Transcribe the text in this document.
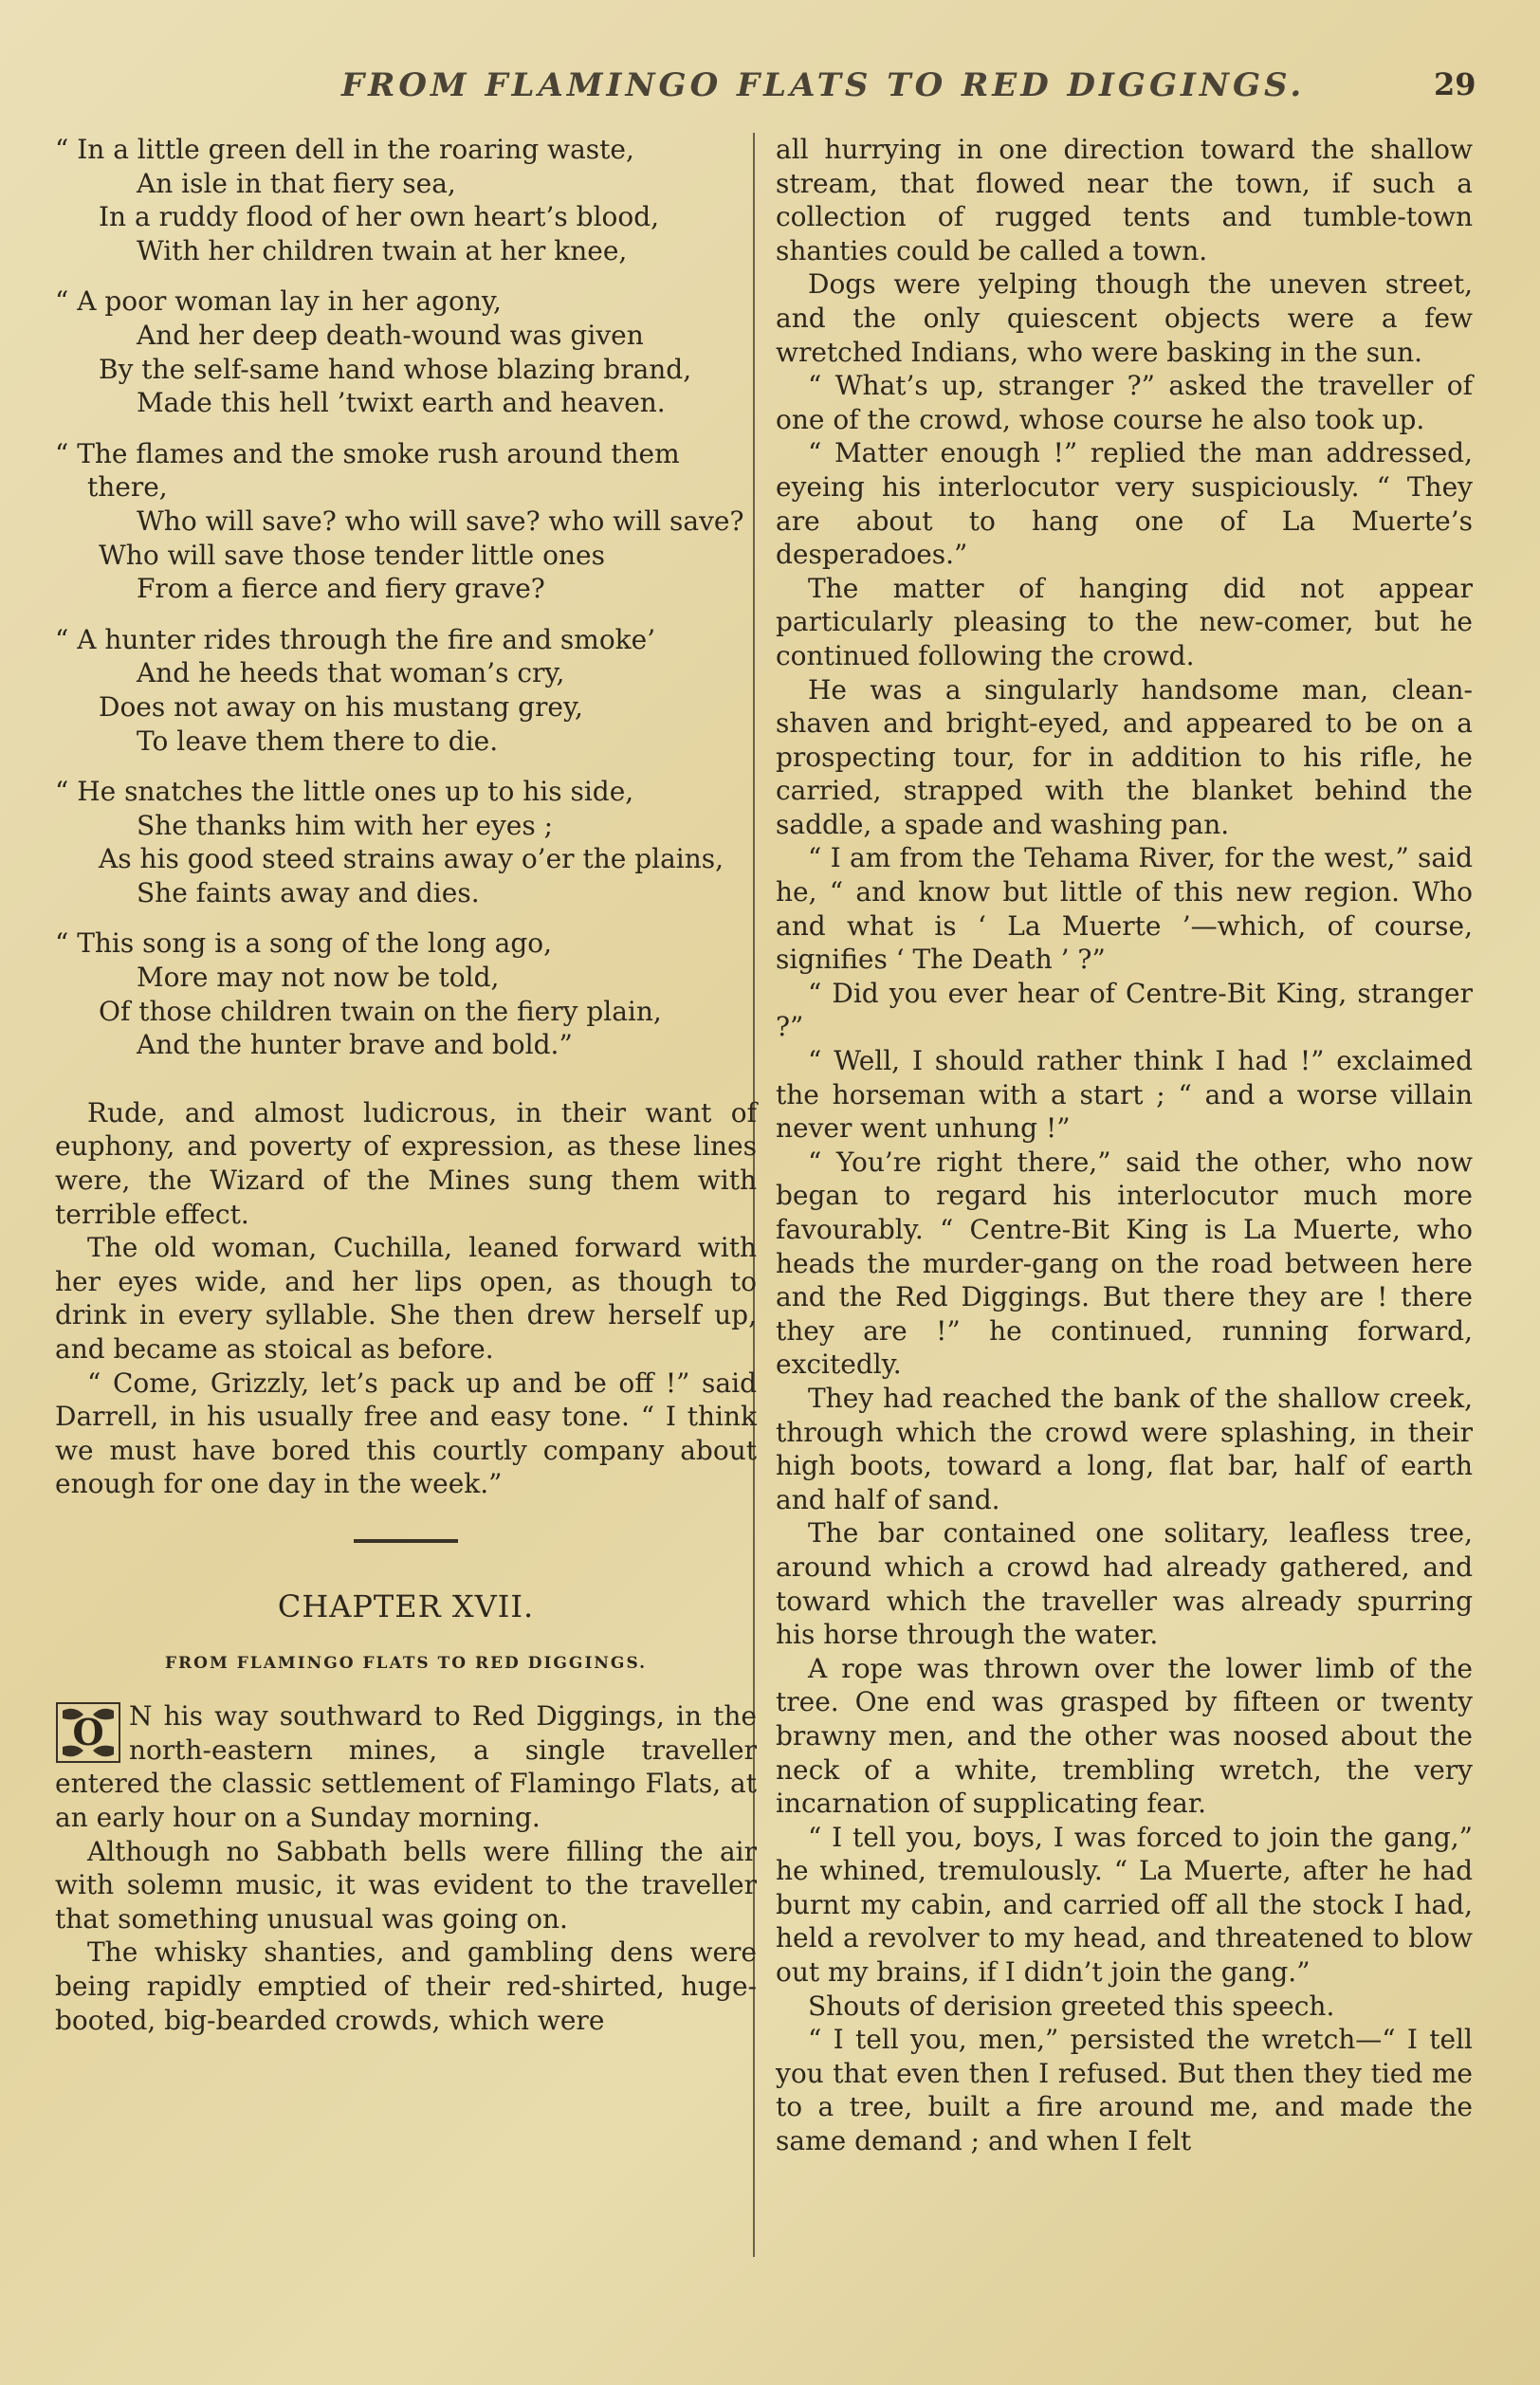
FROM FLAMINGO FLATS TO RED DIGGINGS.	29
“ In a little green dell in the roaring waste,
An isle in that fiery sea,
In a ruddy flood of her own heart’s blood,
With her children twain at her knee,
“ A poor woman lay in her agony,
And her deep death-wound was given
By the self-same hand whose blazing brand,
Made this hell ’twixt earth and heaven.
“ The flames and the smoke rush around them there,
Who will save? who will save? who will save?
Who will save those tender little ones
From a fierce and fiery grave?
“ A hunter rides through the fire and smoke’
And he heeds that woman’s cry,
Does not away on his mustang grey,
To leave them there to die.
“ He snatches the little ones up to his side,
She thanks him with her eyes ;
As his good steed strains away o’er the plains,
She faints away and dies.
“ This song is a song of the long ago,
More may not now be told,
Of those children twain on the fiery plain,
And the hunter brave and bold.”

Rude, and almost ludicrous, in their want of euphony, and poverty of expression, as these lines were, the Wizard of the Mines sung them with terrible effect.

The old woman, Cuchilla, leaned forward with her eyes wide, and her lips open, as though to drink in every syllable. She then drew herself up, and became as stoical as before.

“ Come, Grizzly, let’s pack up and be off !” said Darrell, in his usually free and easy tone. “ I think we must have bored this courtly company about enough for one day in the week.”

CHAPTER XVII.
FROM FLAMINGO FLATS TO RED DIGGINGS.
O N his way southward to Red Diggings, in the north-eastern mines, a single traveller entered the classic settlement of Flamingo Flats, at an early hour on a Sunday morning.

Although no Sabbath bells were filling the air with solemn music, it was evident to the traveller that something unusual was going on.

The whisky shanties, and gambling dens were being rapidly emptied of their red-shirted, huge-booted, big-bearded crowds, which were

all hurrying in one direction toward the shallow stream, that flowed near the town, if such a collection of rugged tents and tumble-town shanties could be called a town.

Dogs were yelping though the uneven street, and the only quiescent objects were a few wretched Indians, who were basking in the sun.

“ What’s up, stranger ?” asked the traveller of one of the crowd, whose course he also took up.

“ Matter enough !” replied the man addressed, eyeing his interlocutor very suspiciously. “ They are about to hang one of La Muerte’s desperadoes.”

The matter of hanging did not appear particularly pleasing to the new-comer, but he continued following the crowd.

He was a singularly handsome man, clean-shaven and bright-eyed, and appeared to be on a prospecting tour, for in addition to his rifle, he carried, strapped with the blanket behind the saddle, a spade and washing pan.

“ I am from the Tehama River, for the west,” said he, “ and know but little of this new region. Who and what is ‘ La Muerte ’—which, of course, signifies ‘ The Death ’ ?”

“ Did you ever hear of Centre-Bit King, stranger ?”

“ Well, I should rather think I had !” exclaimed the horseman with a start ; “ and a worse villain never went unhung !”

“ You’re right there,” said the other, who now began to regard his interlocutor much more favourably. “ Centre-Bit King is La Muerte, who heads the murder-gang on the road between here and the Red Diggings. But there they are ! there they are !” he continued, running forward, excitedly.

They had reached the bank of the shallow creek, through which the crowd were splashing, in their high boots, toward a long, flat bar, half of earth and half of sand.

The bar contained one solitary, leafless tree, around which a crowd had already gathered, and toward which the traveller was already spurring his horse through the water.

A rope was thrown over the lower limb of the tree. One end was grasped by fifteen or twenty brawny men, and the other was noosed about the neck of a white, trembling wretch, the very incarnation of supplicating fear.

“ I tell you, boys, I was forced to join the gang,” he whined, tremulously. “ La Muerte, after he had burnt my cabin, and carried off all the stock I had, held a revolver to my head, and threatened to blow out my brains, if I didn’t join the gang.”

Shouts of derision greeted this speech.

“ I tell you, men,” persisted the wretch—“ I tell you that even then I refused. But then they tied me to a tree, built a fire around me, and made the same demand ; and when I felt
